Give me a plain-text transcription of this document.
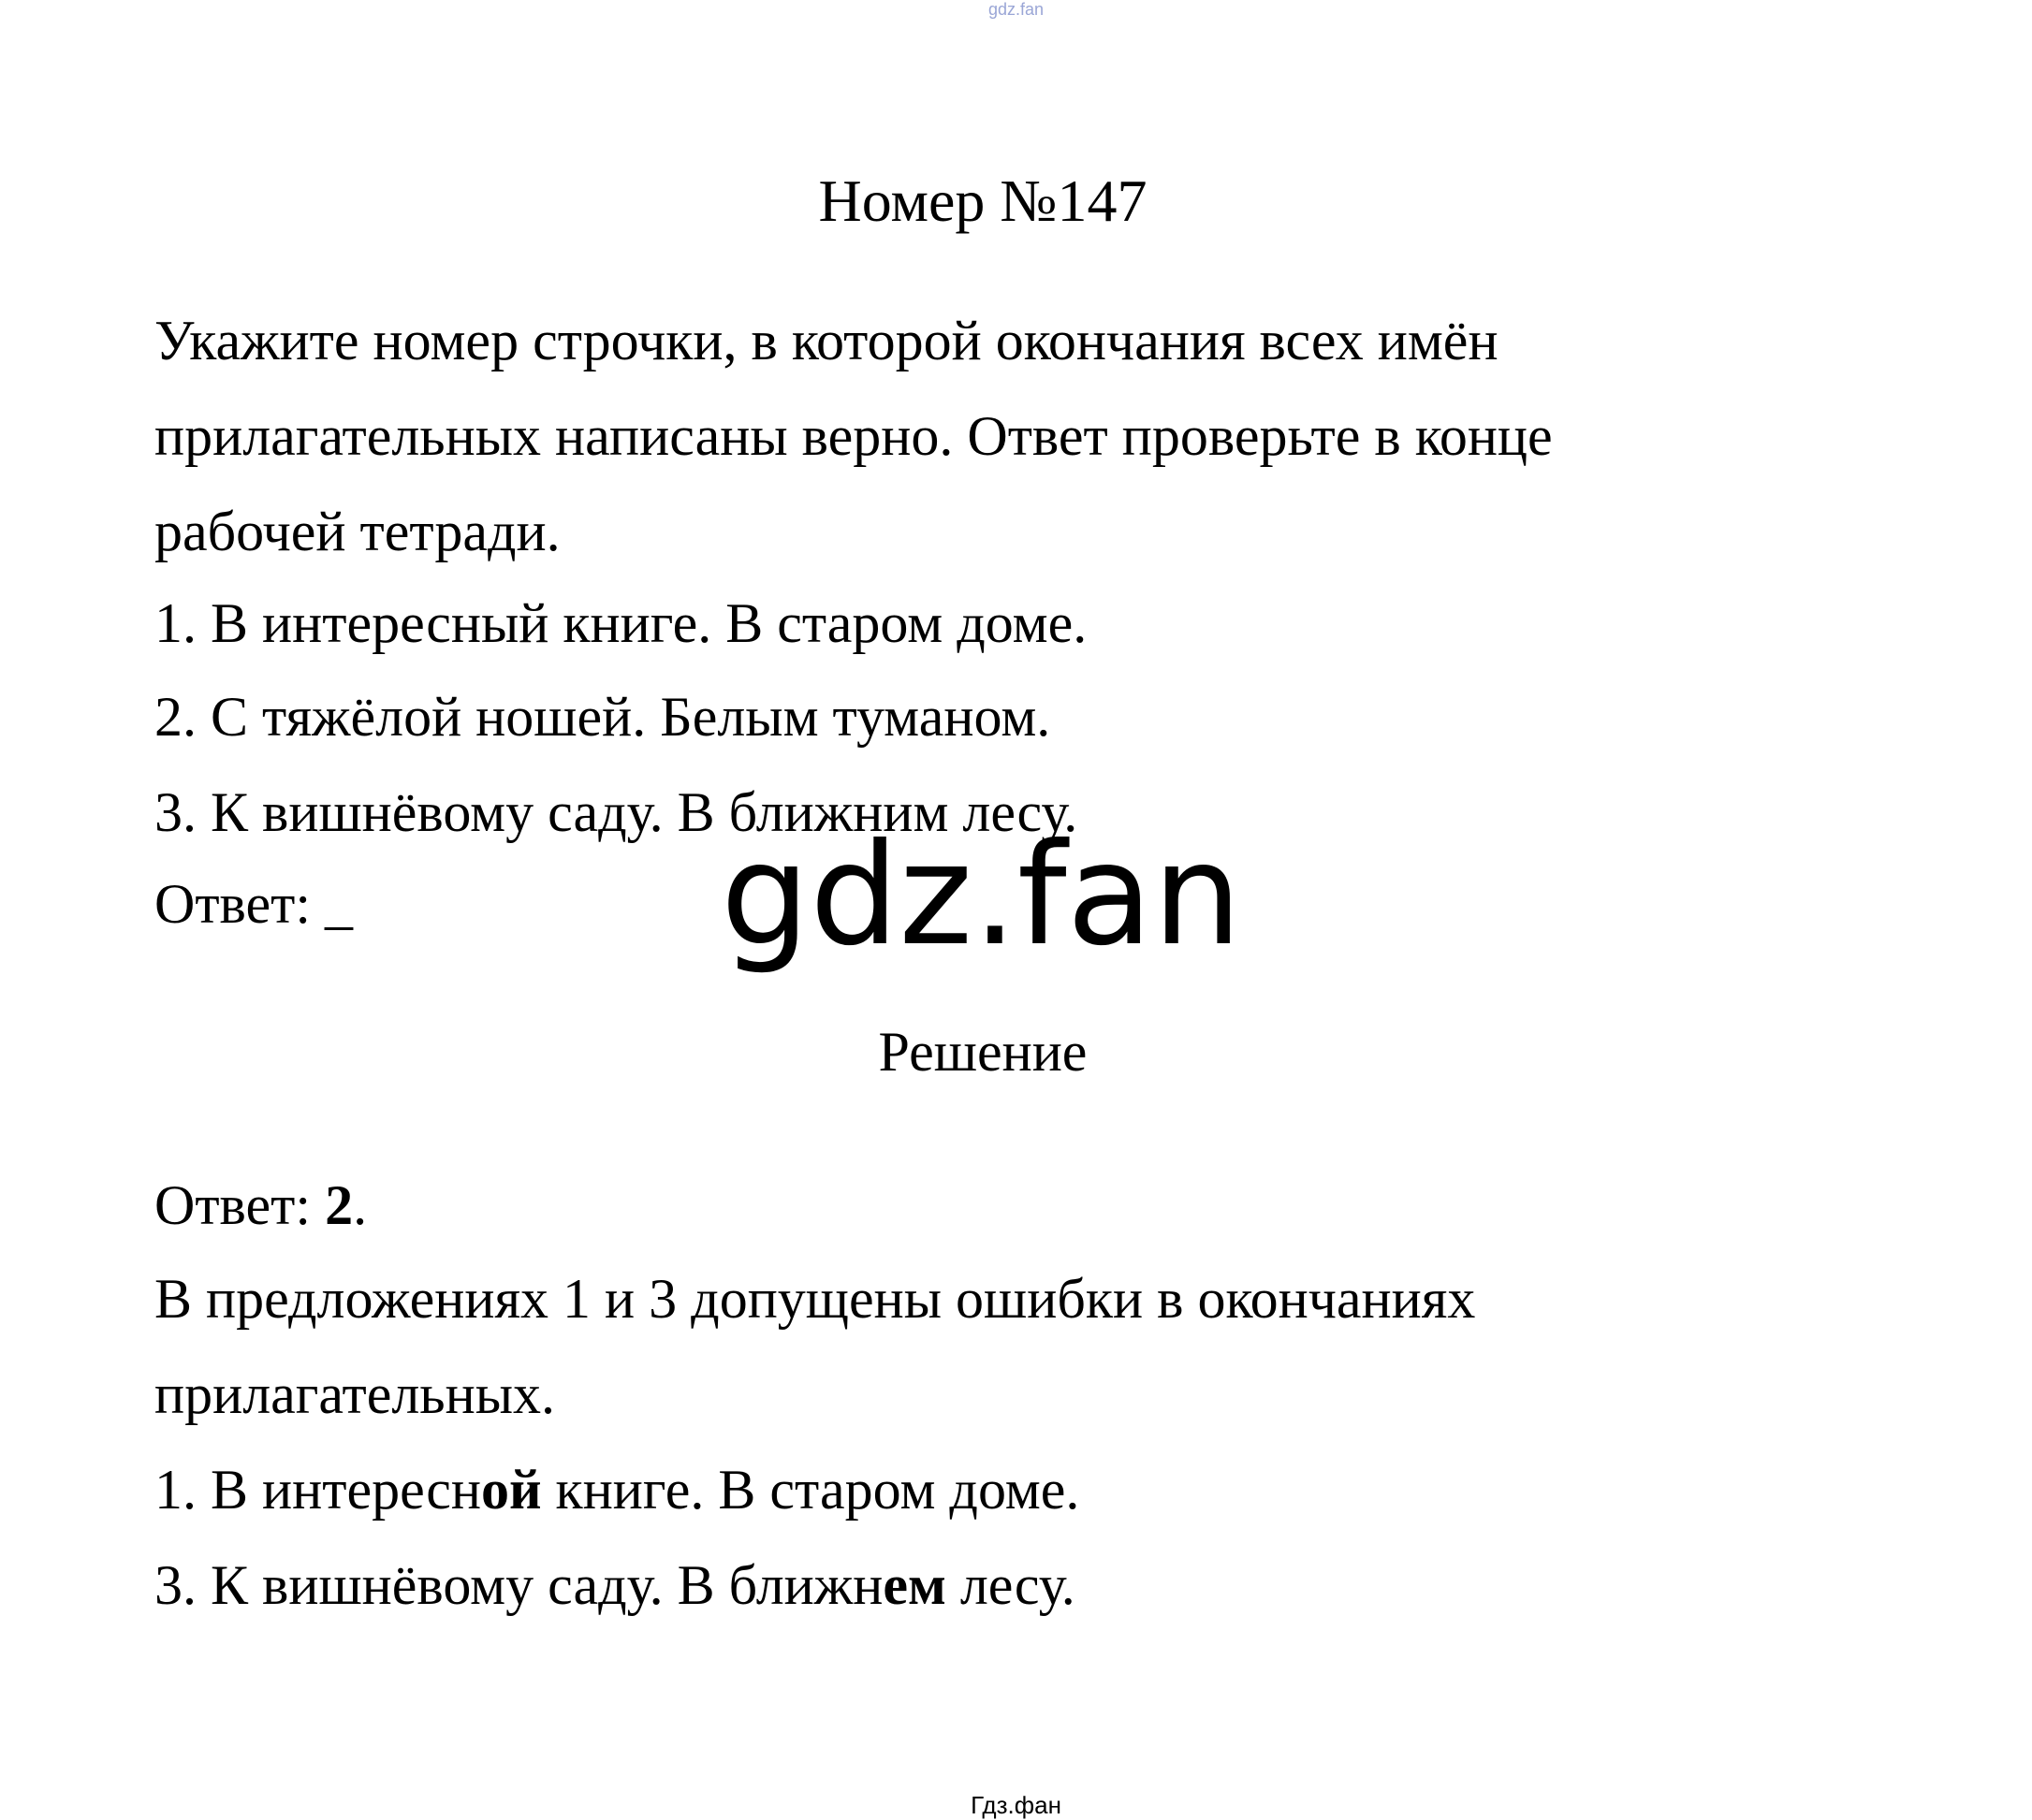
gdz.fan
Номер №147
Укажите номер строчки, в которой окончания всех имён
прилагательных написаны верно. Ответ проверьте в конце
рабочей тетради.
1. В интересный книге. В старом доме.
2. С тяжёлой ношей. Белым туманом.
3. К вишнёвому саду. В ближним лесу.
Ответ: _	gdz.fan
Решение
Ответ: 2.
В предложениях 1 и 3 допущены ошибки в окончаниях
прилагательных.
1. В интересной книге. В старом доме.
3. К вишнёвому саду. В ближнем лесу.
Гдз.фан
